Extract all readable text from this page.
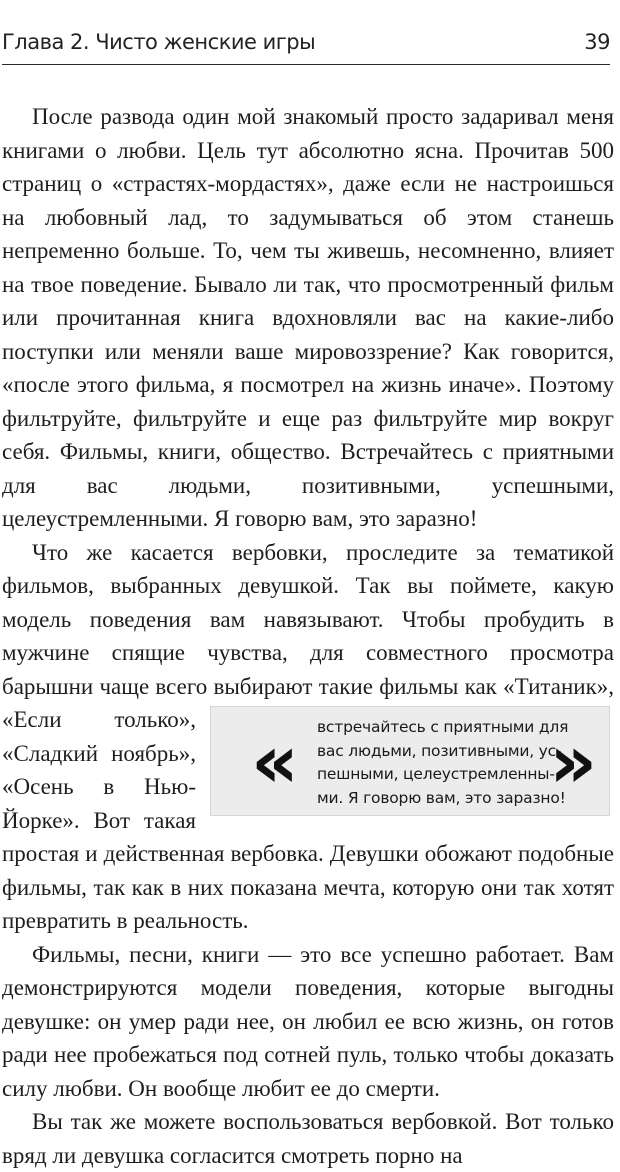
Глава 2. Чисто женские игры	39

После развода один мой знакомый просто задаривал меня книгами о любви. Цель тут абсолютно ясна. Прочитав 500 страниц о «страстях-мордастях», даже если не настроишься на любовный лад, то задумываться об этом станешь непременно больше. То, чем ты живешь, несомненно, влияет на твое поведение. Бывало ли так, что просмотренный фильм или прочитанная книга вдохновляли вас на какие-либо поступки или меняли ваше мировоззрение? Как говорится, «после этого фильма, я посмотрел на жизнь иначе». Поэтому фильтруйте, фильтруйте и еще раз фильтруйте мир вокруг себя. Фильмы, книги, общество. Встречайтесь с приятными для вас людьми, позитивными, успешными, целеустремленными. Я говорю вам, это заразно!

Что же касается вербовки, проследите за тематикой фильмов, выбранных девушкой. Так вы поймете, какую модель поведения вам навязывают. Чтобы пробудить в мужчине спящие чувства, для совместного просмотра барышни чаще всего выбирают такие фильмы как
«	встречайтесь с приятными для
вас людьми, позитивными, ус-
пешными, целеустремленны-
ми. Я говорю вам, это заразно!
»
«Титаник», «Если только», «Сладкий ноябрь», «Осень в Нью-Йорке». Вот такая простая и действенная вербовка. Девушки обожают подобные фильмы, так как в них показана мечта, которую они так хотят превратить в реальность.

Фильмы, песни, книги — это все успешно работает. Вам демонстрируются модели поведения, которые выгодны девушке: он умер ради нее, он любил ее всю жизнь, он готов ради нее пробежаться под сотней пуль, только чтобы доказать силу любви. Он вообще любит ее до смерти.

Вы так же можете воспользоваться вербовкой. Вот только вряд ли девушка согласится смотреть порно на
